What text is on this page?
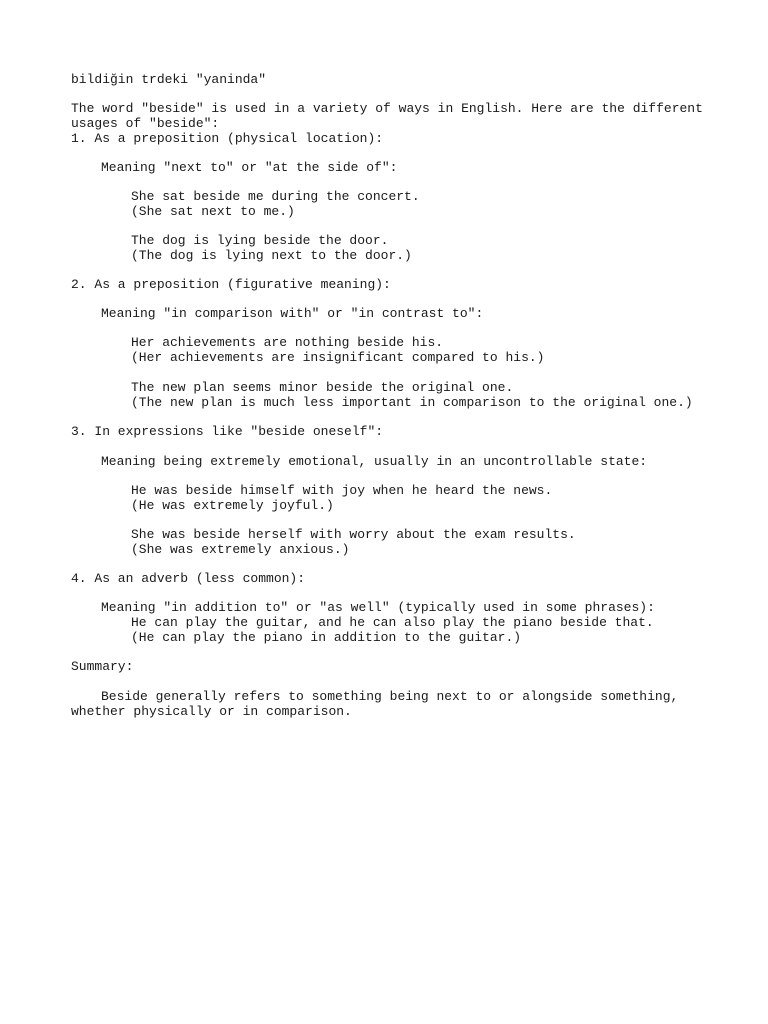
bildiğin trdeki "yaninda"
The word "beside" is used in a variety of ways in English. Here are the different
usages of "beside":
1. As a preposition (physical location):
Meaning "next to" or "at the side of":
She sat beside me during the concert.
(She sat next to me.)
The dog is lying beside the door.
(The dog is lying next to the door.)
2. As a preposition (figurative meaning):
Meaning "in comparison with" or "in contrast to":
Her achievements are nothing beside his.
(Her achievements are insignificant compared to his.)
The new plan seems minor beside the original one.
(The new plan is much less important in comparison to the original one.)
3. In expressions like "beside oneself":
Meaning being extremely emotional, usually in an uncontrollable state:
He was beside himself with joy when he heard the news.
(He was extremely joyful.)
She was beside herself with worry about the exam results.
(She was extremely anxious.)
4. As an adverb (less common):
Meaning "in addition to" or "as well" (typically used in some phrases):
He can play the guitar, and he can also play the piano beside that.
(He can play the piano in addition to the guitar.)
Summary:
Beside generally refers to something being next to or alongside something,
whether physically or in comparison.
